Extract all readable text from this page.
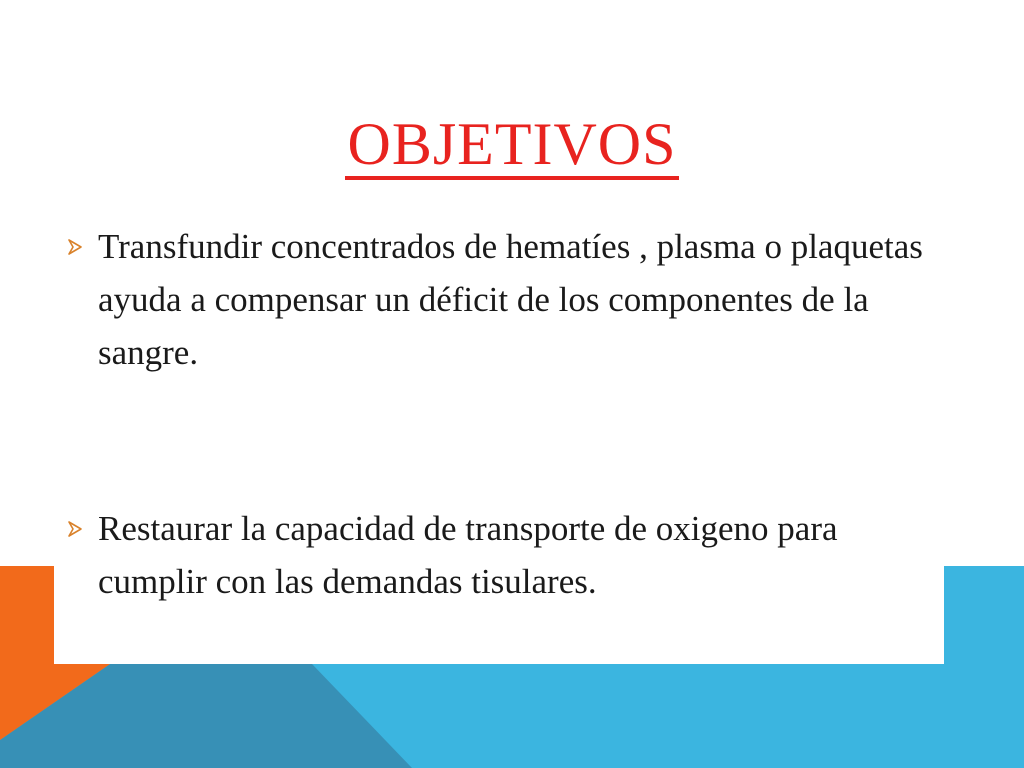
OBJETIVOS
Transfundir concentrados de hematíes , plasma o plaquetas ayuda a compensar un déficit de los componentes de la sangre.
Restaurar la capacidad de transporte de oxigeno para cumplir con las demandas tisulares.
